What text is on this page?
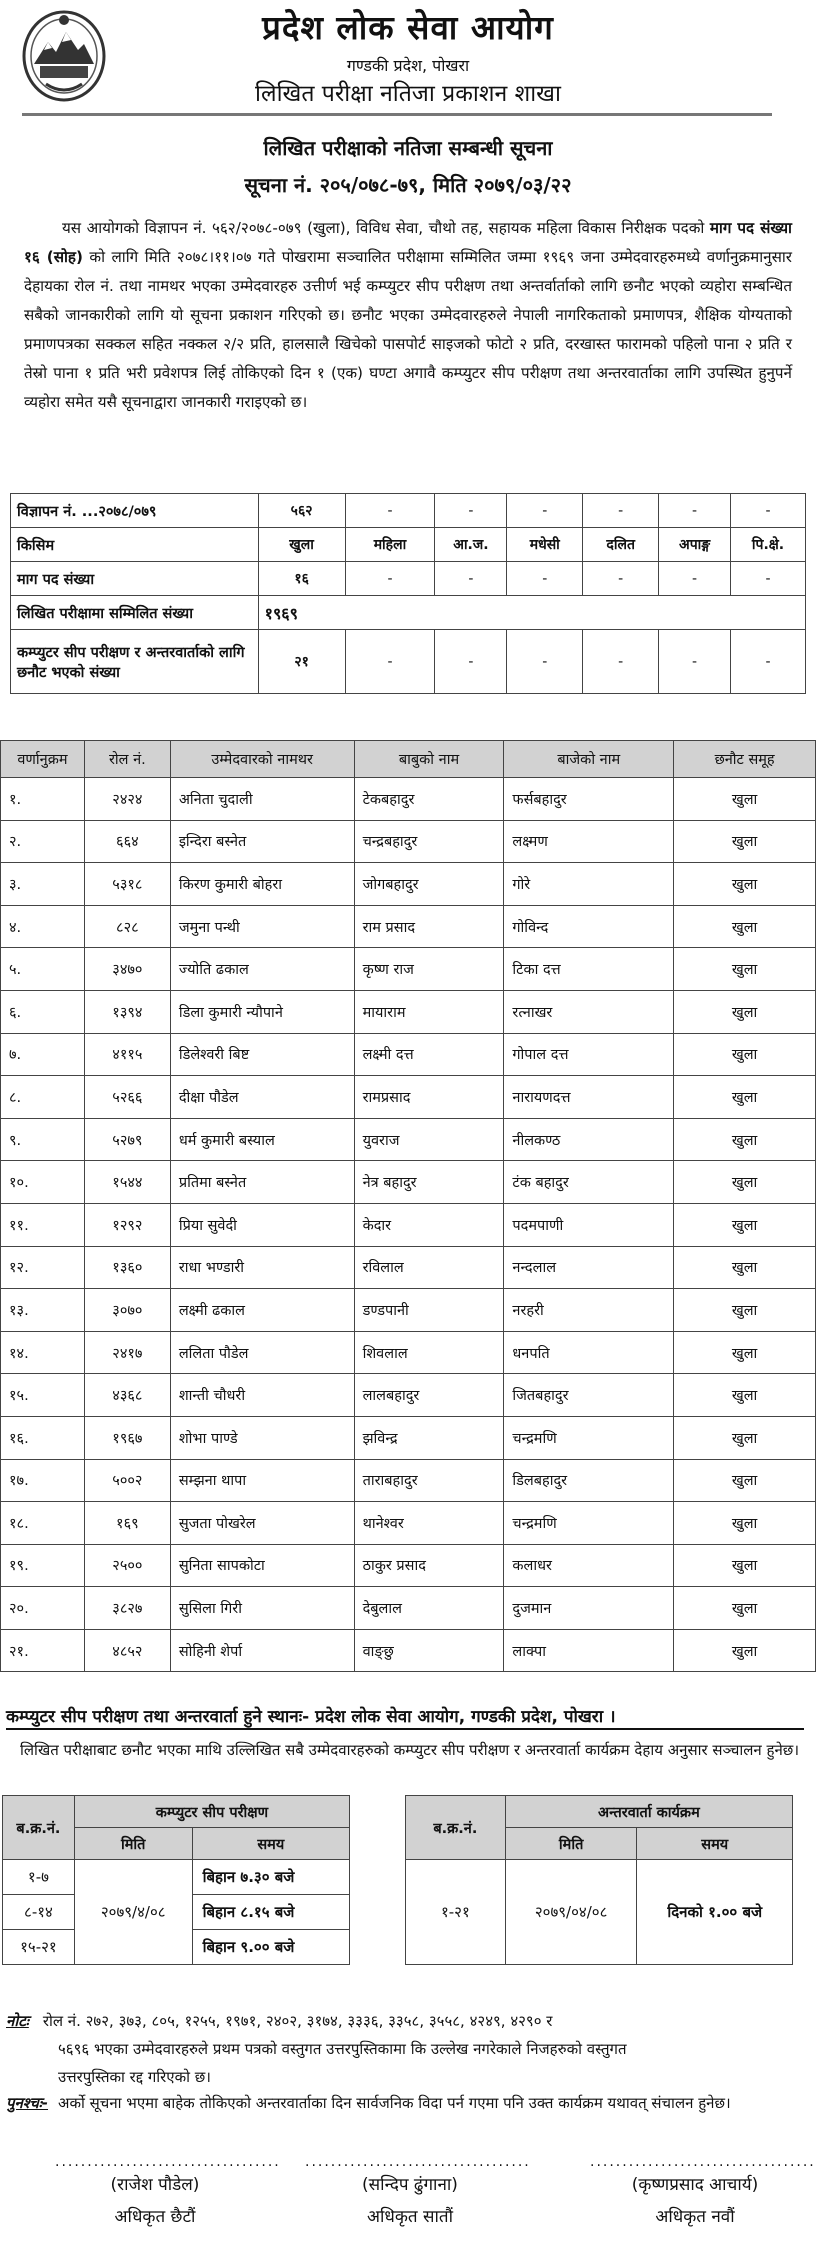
प्रदेश लोक सेवा आयोग
गण्डकी प्रदेश, पोखरा
लिखित परीक्षा नतिजा प्रकाशन शाखा
लिखित परीक्षाको नतिजा सम्बन्धी सूचना
सूचना नं. २०५/०७८-७९, मिति २०७९/०३/२२

यस आयोगको विज्ञापन नं. ५६२/२०७८-०७९ (खुला), विविध सेवा, चौथो तह, सहायक महिला विकास निरीक्षक पदको माग पद संख्या १६ (सोह) को लागि मिति २०७८।११।०७ गते पोखरामा सञ्चालित परीक्षामा सम्मिलित जम्मा १९६९ जना उम्मेदवारहरुमध्ये वर्णानुक्रमानुसार देहायका रोल नं. तथा नामथर भएका उम्मेदवारहरु उत्तीर्ण भई कम्प्युटर सीप परीक्षण तथा अन्तर्वार्ताको लागि छनौट भएको व्यहोरा सम्बन्धित सबैको जानकारीको लागि यो सूचना प्रकाशन गरिएको छ। छनौट भएका उम्मेदवारहरुले नेपाली नागरिकताको प्रमाणपत्र, शैक्षिक योग्यताको प्रमाणपत्रका सक्कल सहित नक्कल २/२ प्रति, हालसालै खिचेको पासपोर्ट साइजको फोटो २ प्रति, दरखास्त फारामको पहिलो पाना २ प्रति र तेस्रो पाना १ प्रति भरी प्रवेशपत्र लिई तोकिएको दिन १ (एक) घण्टा अगावै कम्प्युटर सीप परीक्षण तथा अन्तरवार्ताका लागि उपस्थित हुनुपर्ने व्यहोरा समेत यसै सूचनाद्वारा जानकारी गराइएको छ।

विज्ञापन नं. ...२०७८/०७९	५६२	-	-	-	-	-	-
किसिम	खुला	महिला	आ.ज.	मधेसी	दलित	अपाङ्ग	पि.क्षे.
माग पद संख्या	१६	-	-	-	-	-	-
लिखित परीक्षामा सम्मिलित संख्या	१९६९						
कम्प्युटर सीप परीक्षण र अन्तरवार्ताको लागि छनौट भएको संख्या	२१	-	-	-	-	-	-
वर्णानुक्रम	रोल नं.	उम्मेदवारको नामथर	बाबुको नाम	बाजेको नाम	छनौट समूह
१.	२४२४	अनिता चुदाली	टेकबहादुर	फर्सबहादुर	खुला
२.	६६४	इन्दिरा बस्नेत	चन्द्रबहादुर	लक्ष्मण	खुला
३.	५३१८	किरण कुमारी बोहरा	जोगबहादुर	गोरे	खुला
४.	८२८	जमुना पन्थी	राम प्रसाद	गोविन्द	खुला
५.	३४७०	ज्योति ढकाल	कृष्ण राज	टिका दत्त	खुला
६.	१३९४	डिला कुमारी न्यौपाने	मायाराम	रत्नाखर	खुला
७.	४११५	डिलेश्वरी बिष्ट	लक्ष्मी दत्त	गोपाल दत्त	खुला
८.	५२६६	दीक्षा पौडेल	रामप्रसाद	नारायणदत्त	खुला
९.	५२७९	धर्म कुमारी बस्याल	युवराज	नीलकण्ठ	खुला
१०.	१५४४	प्रतिमा बस्नेत	नेत्र बहादुर	टंक बहादुर	खुला
११.	१२९२	प्रिया सुवेदी	केदार	पदमपाणी	खुला
१२.	१३६०	राधा भण्डारी	रविलाल	नन्दलाल	खुला
१३.	३०७०	लक्ष्मी ढकाल	डण्डपानी	नरहरी	खुला
१४.	२४१७	ललिता पौडेल	शिवलाल	धनपति	खुला
१५.	४३६८	शान्ती चौधरी	लालबहादुर	जितबहादुर	खुला
१६.	१९६७	शोभा पाण्डे	झविन्द्र	चन्द्रमणि	खुला
१७.	५००२	सम्झना थापा	ताराबहादुर	डिलबहादुर	खुला
१८.	१६९	सुजता पोखरेल	थानेश्वर	चन्द्रमणि	खुला
१९.	२५००	सुनिता सापकोटा	ठाकुर प्रसाद	कलाधर	खुला
२०.	३८२७	सुसिला गिरी	देबुलाल	दुजमान	खुला
२१.	४८५२	सोहिनी शेर्पा	वाङ्छु	लाक्पा	खुला
कम्प्युटर सीप परीक्षण तथा अन्तरवार्ता हुने स्थानः- प्रदेश लोक सेवा आयोग, गण्डकी प्रदेश, पोखरा ।
लिखित परीक्षाबाट छनौट भएका माथि उल्लिखित सबै उम्मेदवारहरुको कम्प्युटर सीप परीक्षण र अन्तरवार्ता कार्यक्रम देहाय अनुसार सञ्चालन हुनेछ।
ब.क्र.नं.	कम्प्युटर सीप परीक्षण	
	मिति	समय
१-७	२०७९/४/०८	बिहान ७.३० बजे
८-१४		बिहान ८.१५ बजे
१५-२१		बिहान ९.०० बजे
ब.क्र.नं.	अन्तरवार्ता कार्यक्रम	
	मिति	समय
१-२१	२०७९/०४/०८	दिनको १.०० बजे
नोटः रोल नं. २७२, ३७३, ८०५, १२५५, १९७१, २४०२, ३१७४, ३३३६, ३३५८, ३५५८, ४२४९, ४२९० र
५६९६ भएका उम्मेदवारहरुले प्रथम पत्रको वस्तुगत उत्तरपुस्तिकामा कि उल्लेख नगरेकाले निजहरुको वस्तुगत
उत्तरपुस्तिका रद्द गरिएको छ।
पुनश्चः- अर्को सूचना भएमा बाहेक तोकिएको अन्तरवार्ताका दिन सार्वजनिक विदा पर्न गएमा पनि उक्त कार्यक्रम यथावत् संचालन हुनेछ।
...................................
(राजेश पौडेल)
अधिकृत छैटौं
...................................
(सन्दिप ढुंगाना)
अधिकृत सातौं
...................................
(कृष्णप्रसाद आचार्य)
अधिकृत नवौं
